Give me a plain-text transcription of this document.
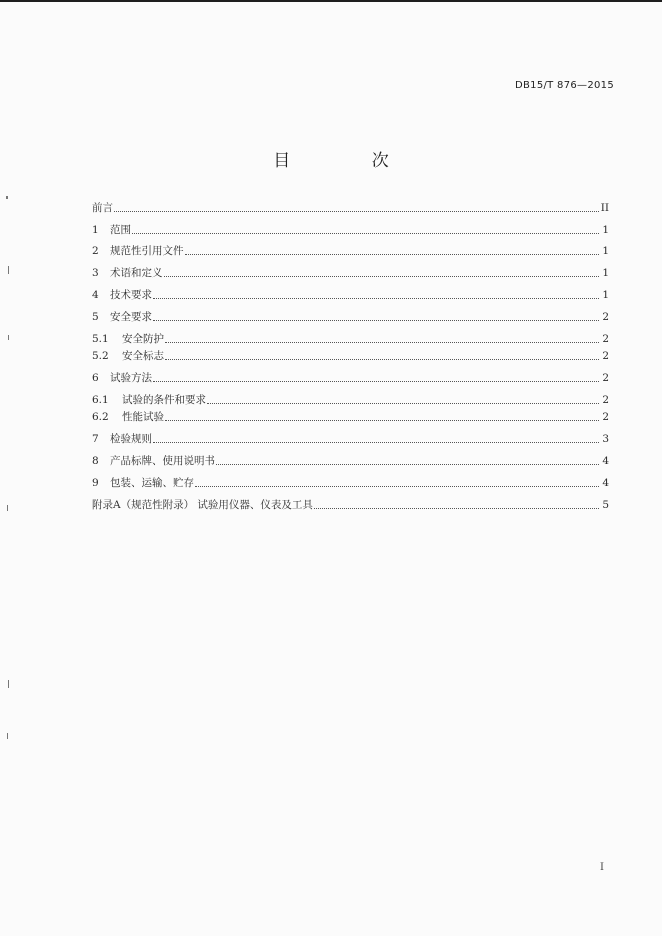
DB15/T 876—2015
目 次
前言	II
1	范围	1
2	规范性引用文件	1
3	术语和定义	1
4	技术要求	1
5	安全要求	2
5.1	安全防护	2
5.2	安全标志	2
6	试验方法	2
6.1	试验的条件和要求	2
6.2	性能试验	2
7	检验规则	3
8	产品标牌、使用说明书	4
9	包装、运输、贮存	4
附录A（规范性附录） 试验用仪器、仪表及工具	5
I
